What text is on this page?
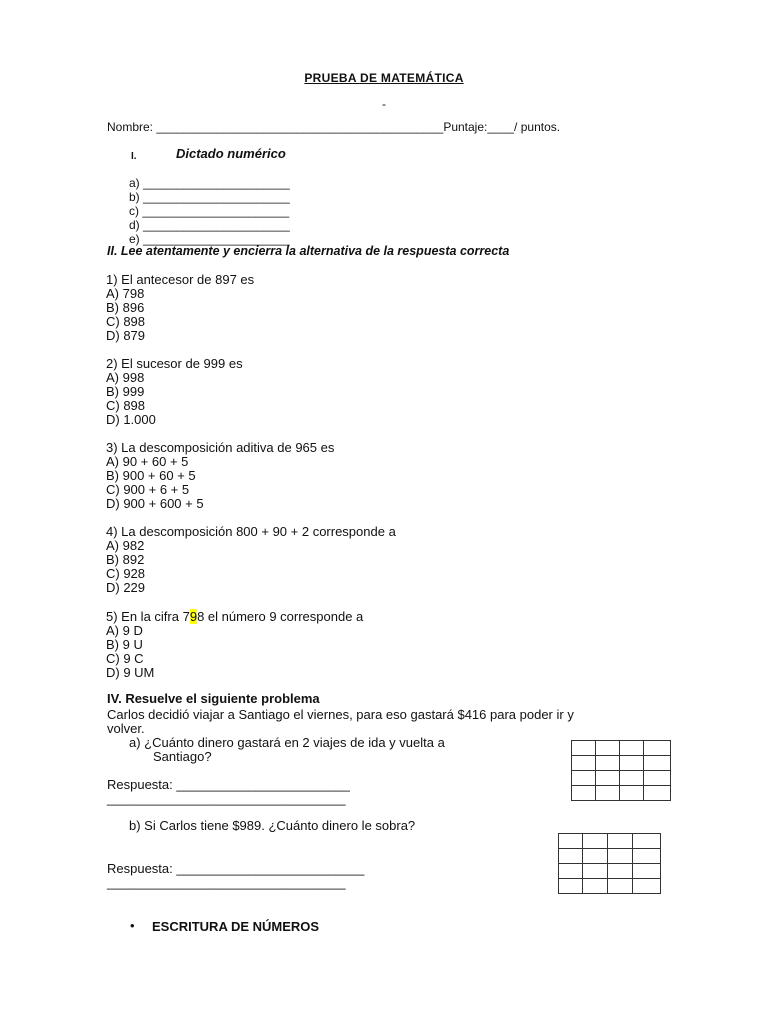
PRUEBA DE MATEMÁTICA
-
Nombre: ___________________________________________Puntaje:____/ puntos.
I.	Dictado numérico
a) ______________________
b) ______________________
c) ______________________
d) ______________________
e) ______________________
II. Lee atentamente y encierra la alternativa de la respuesta correcta
1) El antecesor de 897 es
A) 798
B) 896
C) 898
D) 879
2) El sucesor de 999 es
A) 998
B) 999
C) 898
D) 1.000
3) La descomposición aditiva de 965 es
A) 90 + 60 + 5
B) 900 + 60 + 5
C) 900 + 6 + 5
D) 900 + 600 + 5
4) La descomposición 800 + 90 + 2 corresponde a
A) 982
B) 892
C) 928
D) 229
5) En la cifra 798 el número 9 corresponde a
A) 9 D
B) 9 U
C) 9 C
D) 9 UM
IV. Resuelve el siguiente problema
Carlos decidió viajar a Santiago el viernes, para eso gastará $416 para poder ir y
volver.
a) ¿Cuánto dinero gastará en 2 viajes de ida y vuelta a
Santiago?

Respuesta: ________________________
_________________________________
b) Si Carlos tiene $989. ¿Cuánto dinero le sobra?

Respuesta: __________________________
_________________________________
• ESCRITURA DE NÚMEROS
